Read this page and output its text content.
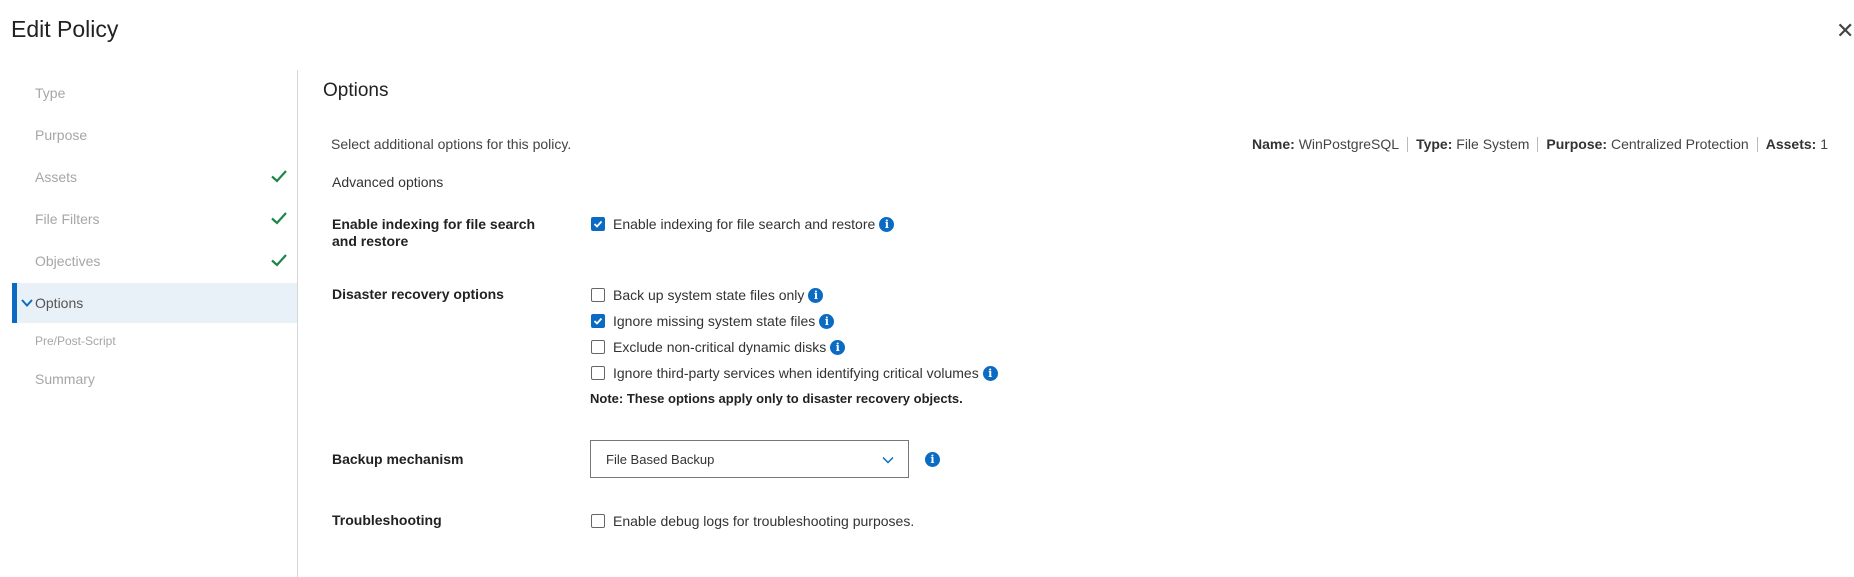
Edit Policy	✕
Type
Purpose
Assets
File Filters
Objectives
Options
Pre/Post-Script
Summary
Options
Select additional options for this policy.	Name:
WinPostgreSQL Type:
File System Purpose:
Centralized Protection Assets:
1
Advanced options
Enable indexing for file search and restore
Enable indexing for file search and restore i
Disaster recovery options	Back up system state files only i
Ignore missing system state files i
Exclude non-critical dynamic disks i
Ignore third-party services when identifying critical volumes i
Note: These options apply only to disaster recovery objects.
Backup mechanism	File Based Backup	i
Troubleshooting	Enable debug logs for troubleshooting purposes.
